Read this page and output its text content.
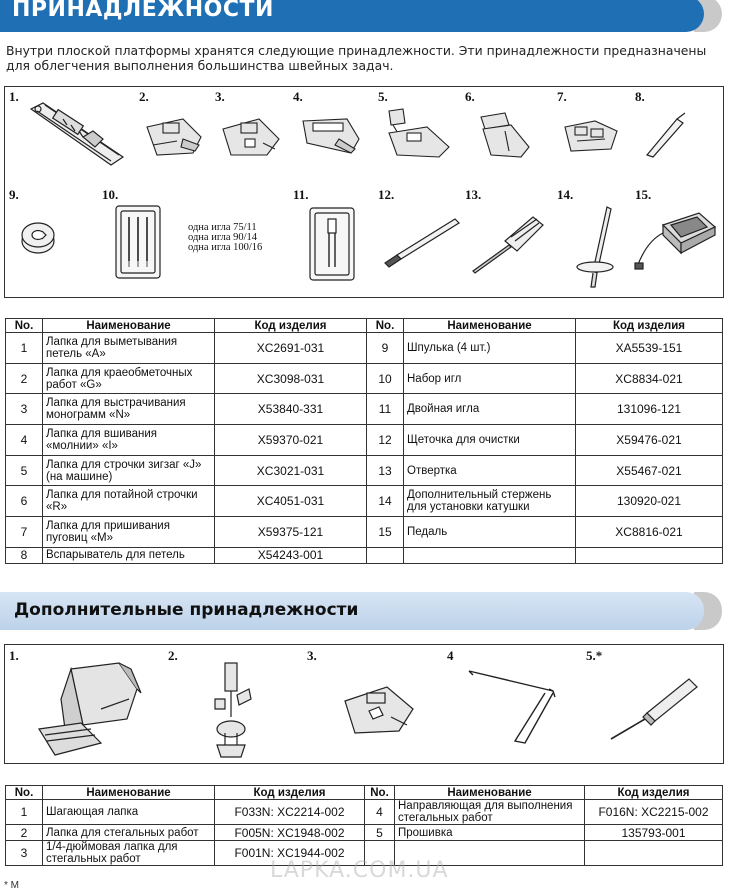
ПРИНАДЛЕЖНОСТИ

Внутри плоской платформы хранятся следующие принадлежности. Эти принадлежности предназначены для облегчения выполнения большинства швейных задач.

1.	2.	3.	4.	5.	6.	7.	8.
9.	10.	11.	12.	13.	14.	15.
одна игла 75/11
одна игла 90/14
одна игла 100/16
No.	Наименование	Код изделия	No.	Наименование	Код изделия
1	Лапка для выметывания петель «A»	XC2691-031	9	Шпулька (4 шт.)	XA5539-151
2	Лапка для краеобметочных работ «G»	XC3098-031	10	Набор игл	XC8834-021
3	Лапка для выстрачивания монограмм «N»	X53840-331	11	Двойная игла	131096-121
4	Лапка для вшивания «молнии» «I»	X59370-021	12	Щеточка для очистки	X59476-021
5	Лапка для строчки зигзаг «J» (на машине)	XC3021-031	13	Отвертка	X55467-021
6	Лапка для потайной строчки «R»	XC4051-031	14	Дополнительный стержень для установки катушки	130920-021
7	Лапка для пришивания пуговиц «M»	X59375-121	15	Педаль	XC8816-021
8	Вспарыватель для петель	X54243-001			
Дополнительные принадлежности
1.	2.	3.	4	5.*
No.	Наименование	Код изделия	No.	Наименование	Код изделия
1	Шагающая лапка	F033N: XC2214-002	4	Направляющая для выполнения стегальных работ	F016N: XC2215-002
2	Лапка для стегальных работ	F005N: XC1948-002	5	Прошивка	135793-001
3	1/4-дюймовая лапка для стегальных работ	F001N: XC1944-002			
LAPKA.COM.UA
* M
